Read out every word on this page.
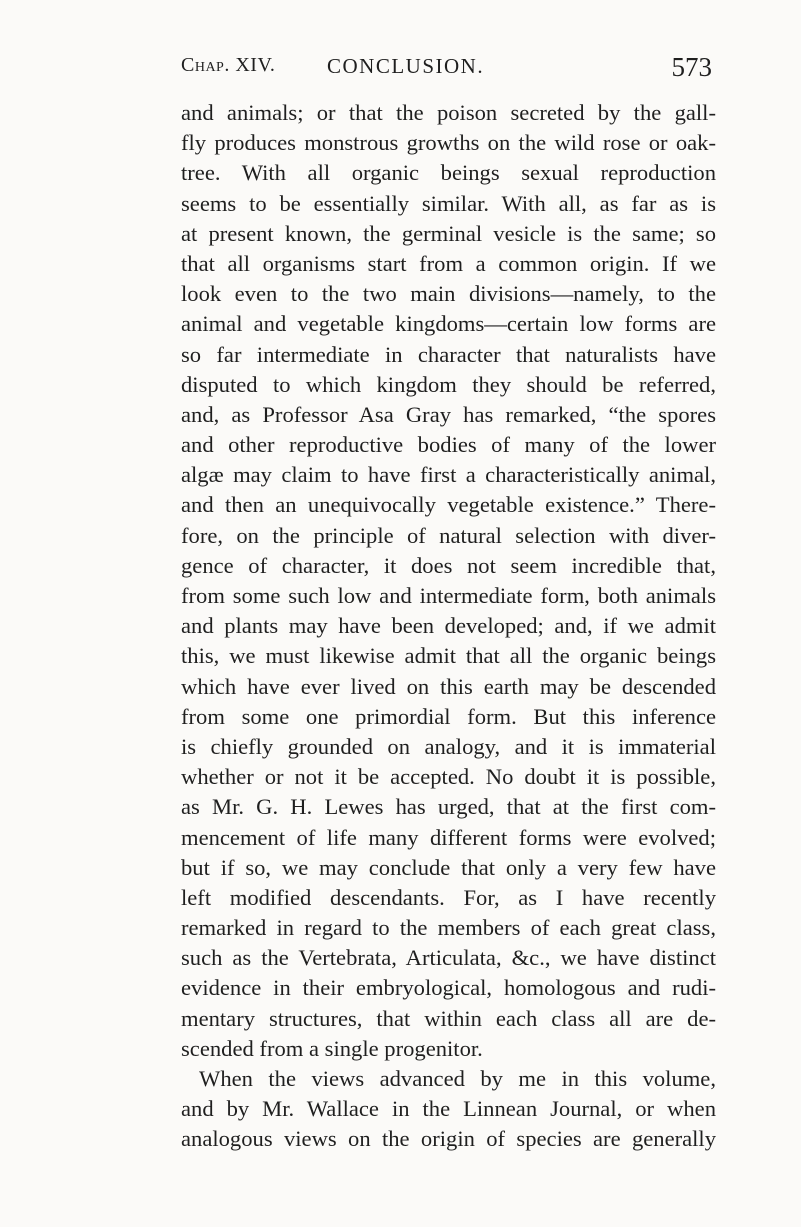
Chap. XIV. CONCLUSION.	573
and animals; or that the poison secreted by the gall-
fly produces monstrous growths on the wild rose or oak-
tree. With all organic beings sexual reproduction
seems to be essentially similar. With all, as far as is
at present known, the germinal vesicle is the same; so
that all organisms start from a common origin. If we
look even to the two main divisions—namely, to the
animal and vegetable kingdoms—certain low forms are
so far intermediate in character that naturalists have
disputed to which kingdom they should be referred,
and, as Professor Asa Gray has remarked, “the spores
and other reproductive bodies of many of the lower
algæ may claim to have first a characteristically animal,
and then an unequivocally vegetable existence.” There-
fore, on the principle of natural selection with diver-
gence of character, it does not seem incredible that,
from some such low and intermediate form, both animals
and plants may have been developed; and, if we admit
this, we must likewise admit that all the organic beings
which have ever lived on this earth may be descended
from some one primordial form. But this inference
is chiefly grounded on analogy, and it is immaterial
whether or not it be accepted. No doubt it is possible,
as Mr. G. H. Lewes has urged, that at the first com-
mencement of life many different forms were evolved;
but if so, we may conclude that only a very few have
left modified descendants. For, as I have recently
remarked in regard to the members of each great class,
such as the Vertebrata, Articulata, &c., we have distinct
evidence in their embryological, homologous and rudi-
mentary structures, that within each class all are de-
scended from a single progenitor.
When the views advanced by me in this volume,
and by Mr. Wallace in the Linnean Journal, or when
analogous views on the origin of species are generally
